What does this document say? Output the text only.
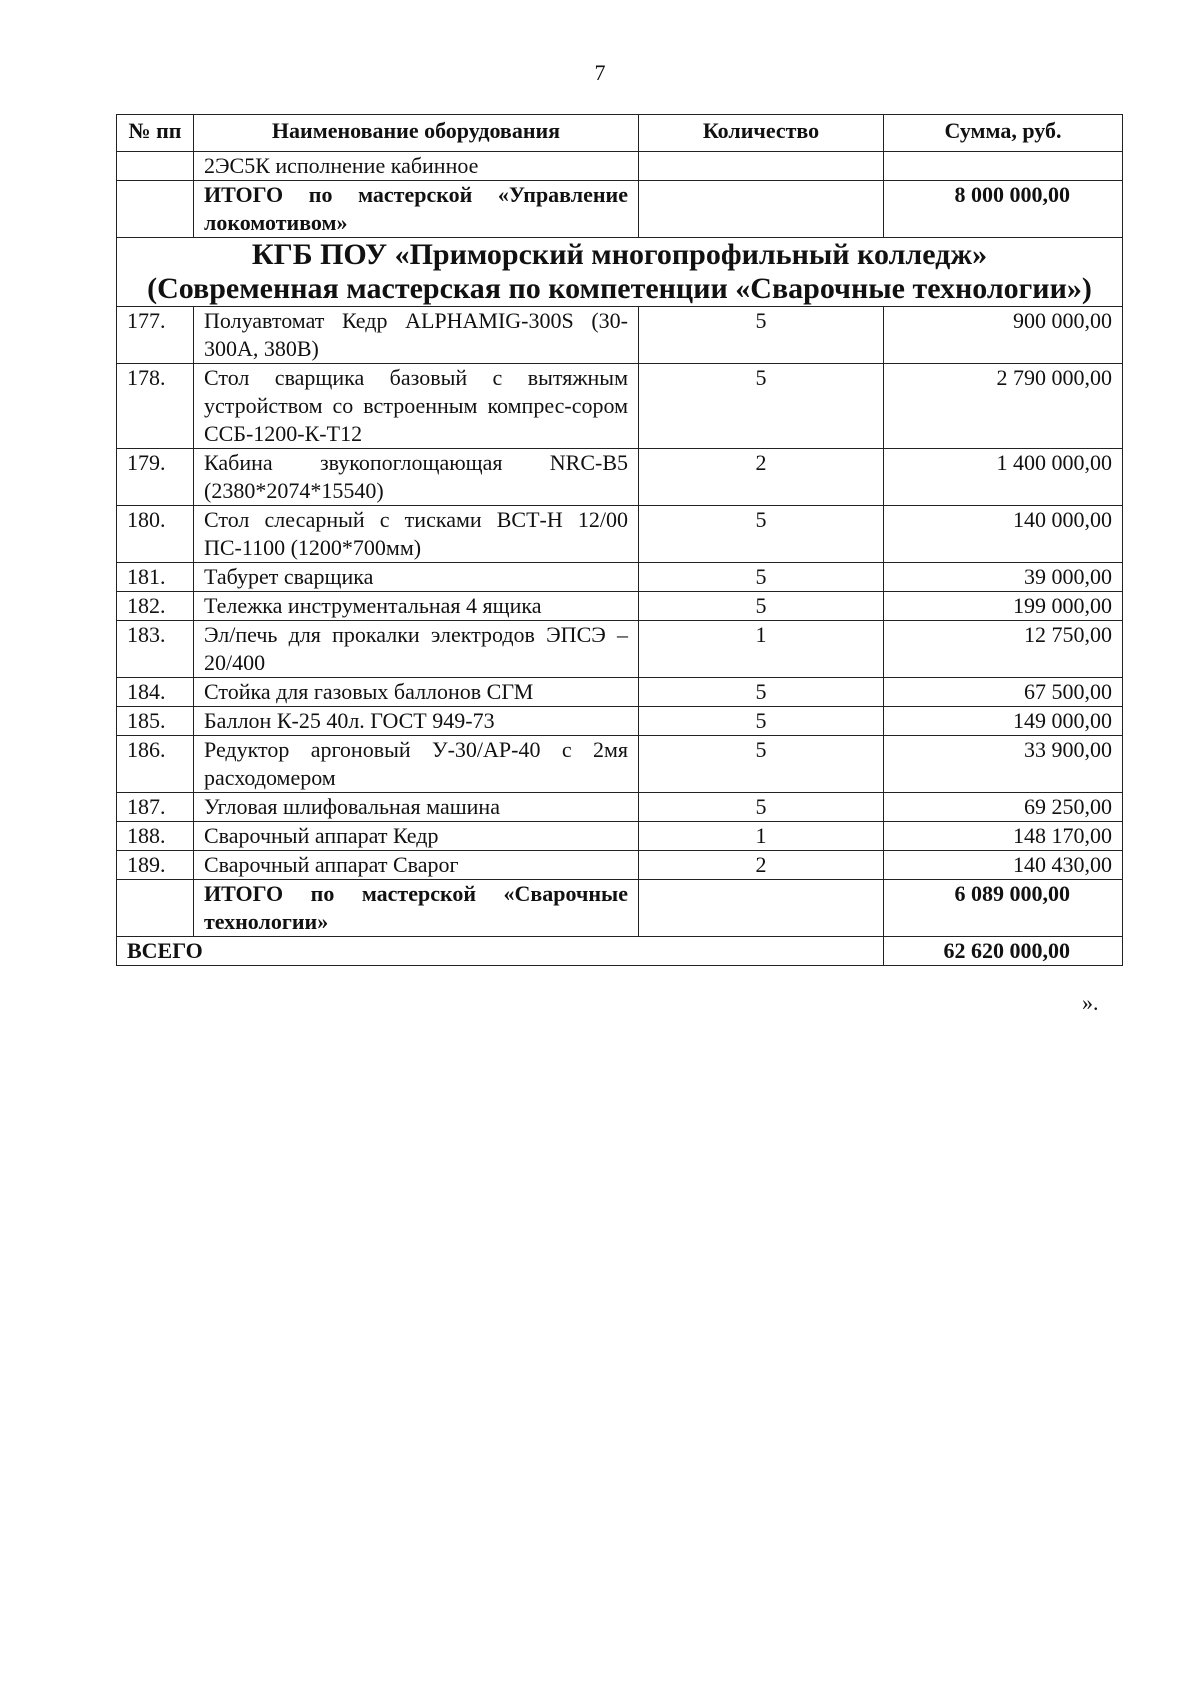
7
№ пп	Наименование оборудования	Количество	Сумма, руб.
	2ЭС5К исполнение кабинное		
	ИТОГО по мастерской «Управление локомотивом»		8 000 000,00

КГБ ПОУ «Приморский многопрофильный колледж»
(Современная мастерская по компетенции «Сварочные технологии»)			

177.	Полуавтомат Кедр ALPHAMIG-300S (30-300А, 380В)	5	900 000,00
178.	Стол сварщика базовый с вытяжным устройством со встроенным компрес-сором ССБ-1200-К-Т12	5	2 790 000,00
179.	Кабина звукопоглощающая NRC-B5 (2380*2074*15540)	2	1 400 000,00
180.	Стол слесарный с тисками ВСТ-Н 12/00 ПС-1100 (1200*700мм)	5	140 000,00
181.	Табурет сварщика	5	39 000,00
182.	Тележка инструментальная 4 ящика	5	199 000,00
183.	Эл/печь для прокалки электродов ЭПСЭ – 20/400	1	12 750,00
184.	Стойка для газовых баллонов СГМ	5	67 500,00
185.	Баллон К-25 40л. ГОСТ 949-73	5	149 000,00
186.	Редуктор аргоновый У-30/АР-40 с 2мя расходомером	5	33 900,00
187.	Угловая шлифовальная машина	5	69 250,00
188.	Сварочный аппарат Кедр	1	148 170,00
189.	Сварочный аппарат Сварог	2	140 430,00
	ИТОГО по мастерской «Сварочные технологии»		6 089 000,00
ВСЕГО			62 620 000,00
».
